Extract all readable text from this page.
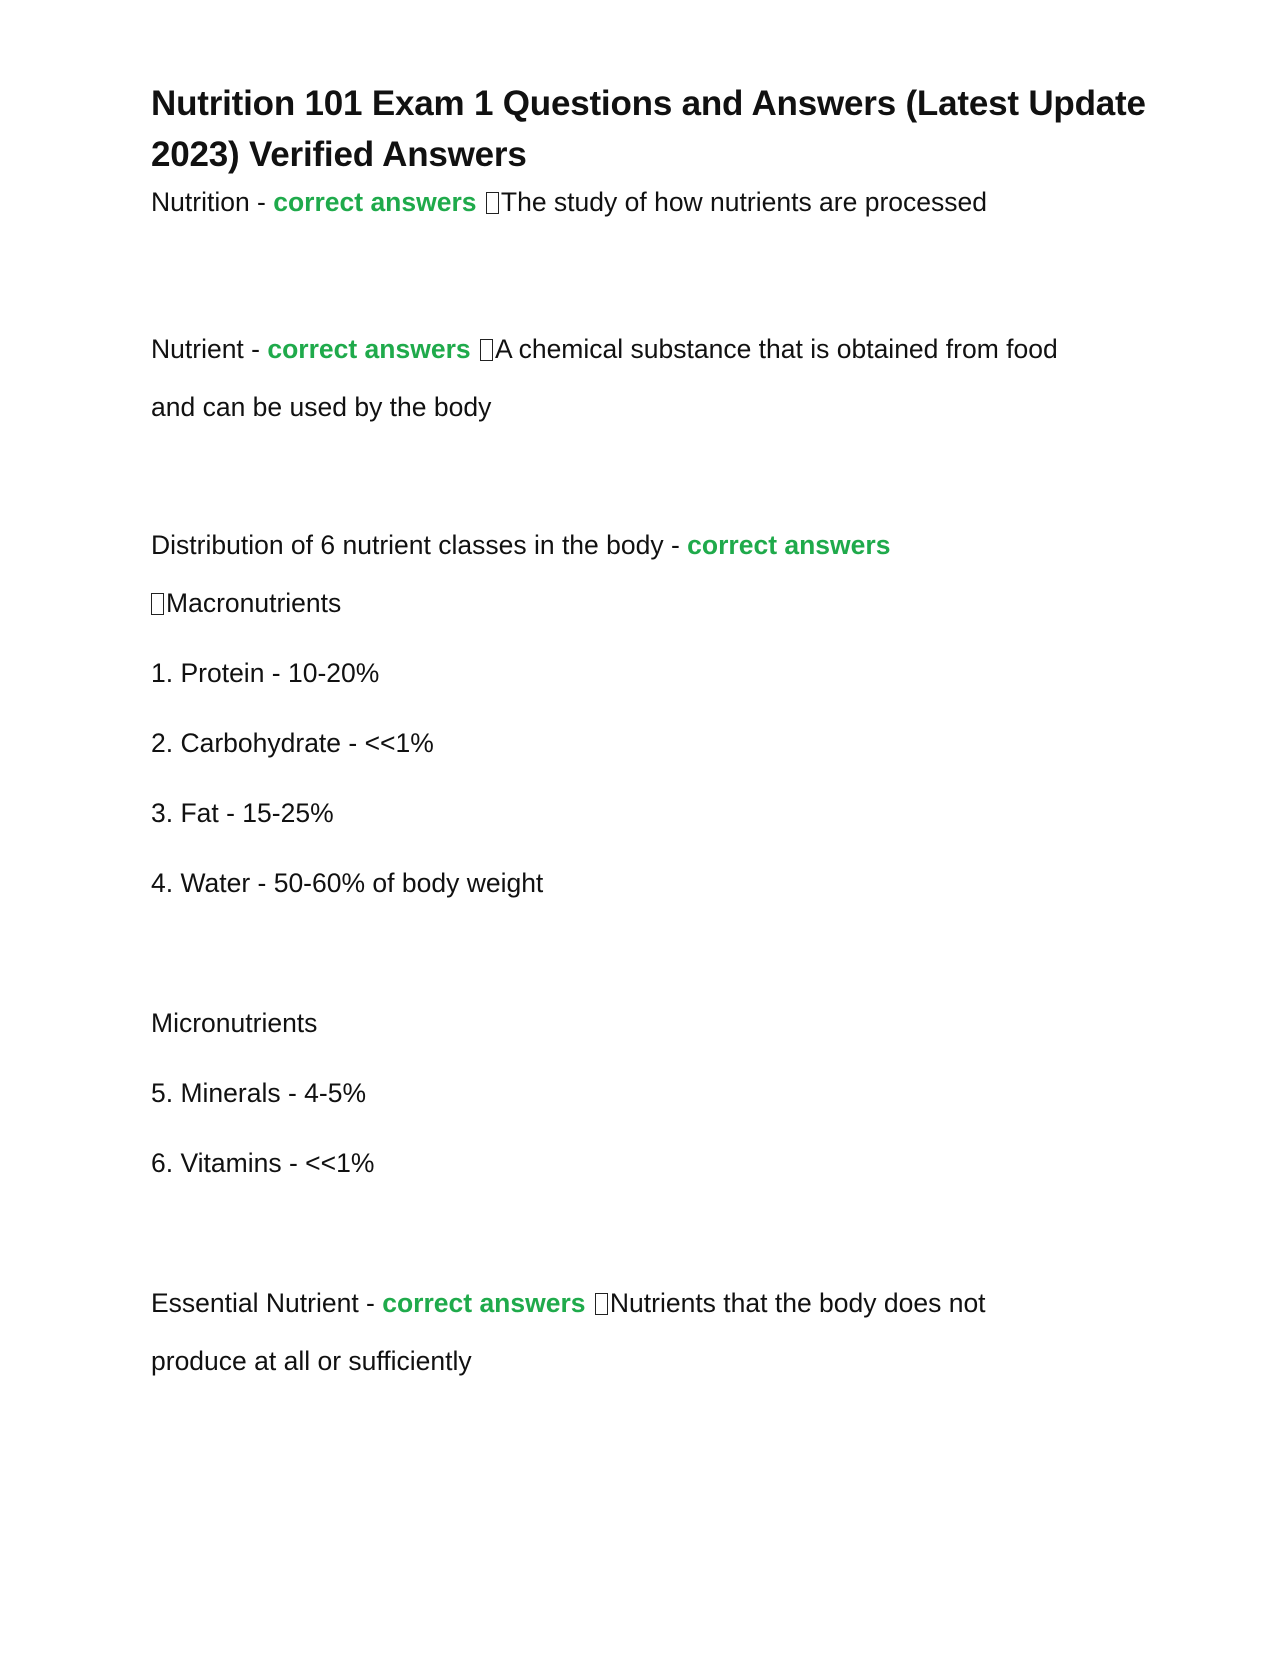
Nutrition 101 Exam 1 Questions and Answers (Latest Update 2023) Verified Answers

Nutrition - correct answers The study of how nutrients are processed

Nutrient - correct answers A chemical substance that is obtained from food

and can be used by the body

Distribution of 6 nutrient classes in the body - correct answers

Macronutrients

1. Protein - 10-20%

2. Carbohydrate - <<1%

3. Fat - 15-25%

4. Water - 50-60% of body weight

Micronutrients

5. Minerals - 4-5%

6. Vitamins - <<1%

Essential Nutrient - correct answers Nutrients that the body does not

produce at all or sufficiently
